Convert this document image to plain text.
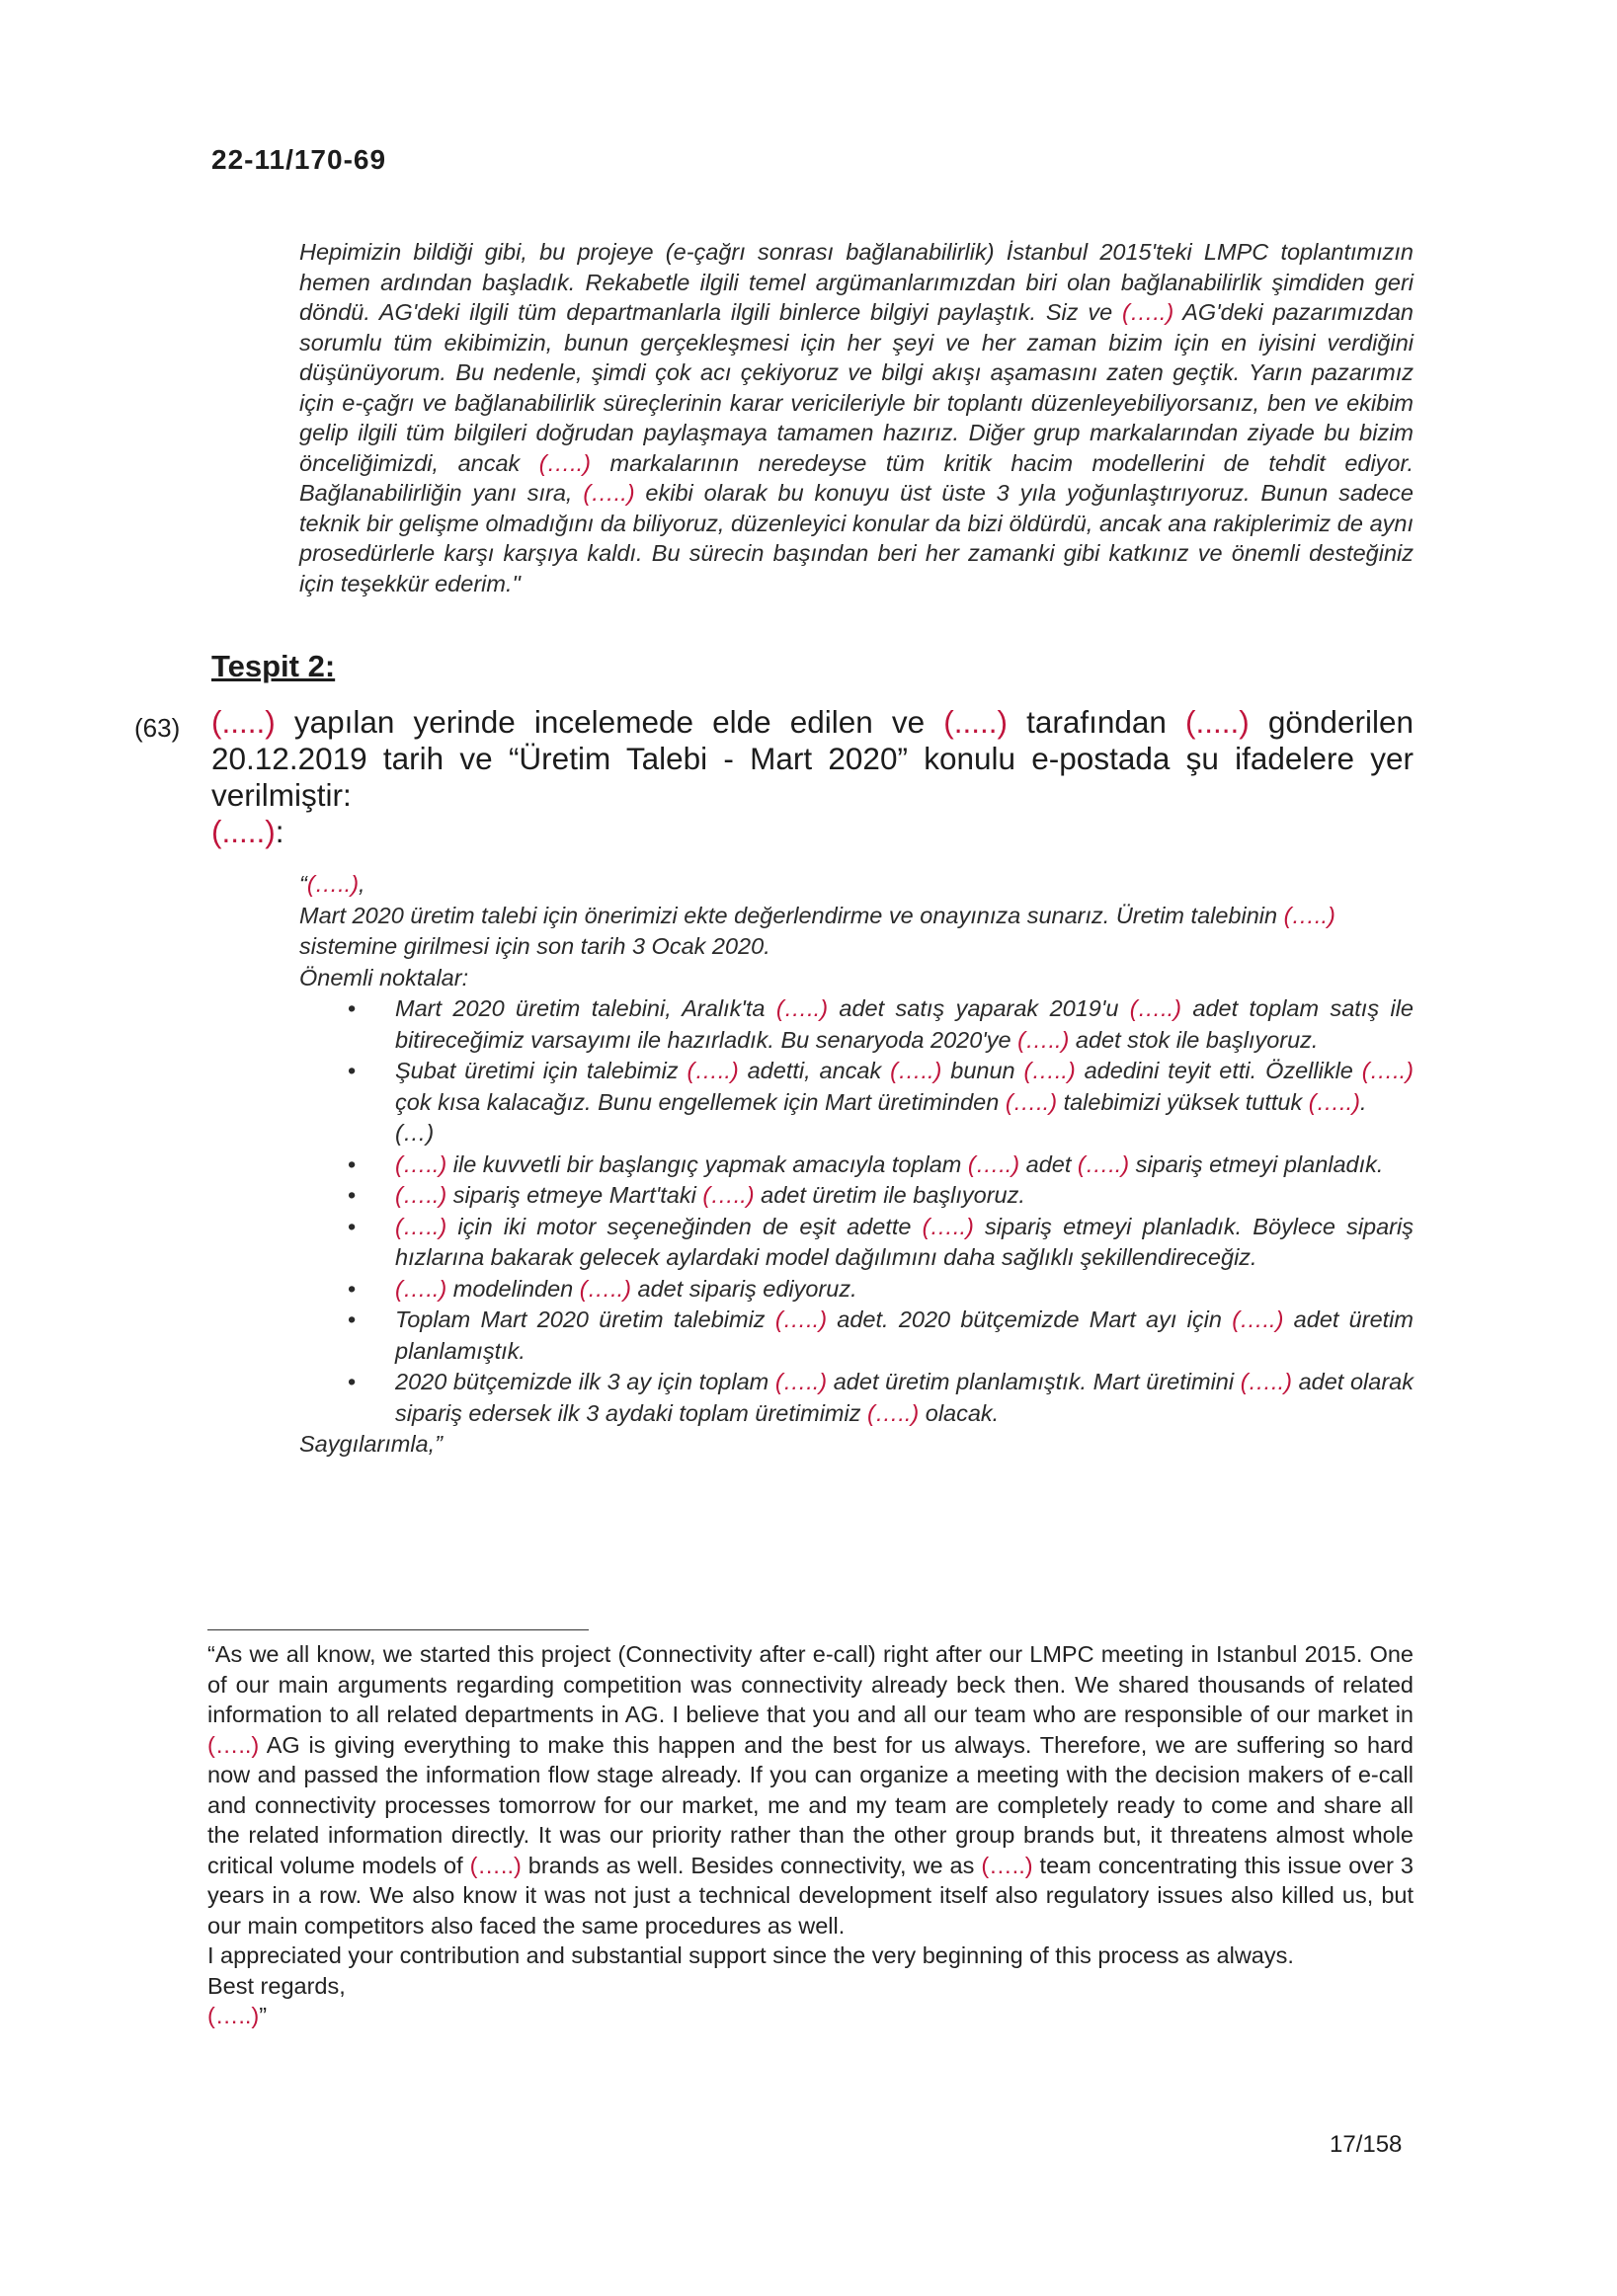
22-11/170-69
Hepimizin bildiği gibi, bu projeye (e-çağrı sonrası bağlanabilirlik) İstanbul 2015'teki LMPC toplantımızın hemen ardından başladık. Rekabetle ilgili temel argümanlarımızdan biri olan bağlanabilirlik şimdiden geri döndü. AG'deki ilgili tüm departmanlarla ilgili binlerce bilgiyi paylaştık. Siz ve (…..) AG'deki pazarımızdan sorumlu tüm ekibimizin, bunun gerçekleşmesi için her şeyi ve her zaman bizim için en iyisini verdiğini düşünüyorum. Bu nedenle, şimdi çok acı çekiyoruz ve bilgi akışı aşamasını zaten geçtik. Yarın pazarımız için e-çağrı ve bağlanabilirlik süreçlerinin karar vericileriyle bir toplantı düzenleyebiliyorsanız, ben ve ekibim gelip ilgili tüm bilgileri doğrudan paylaşmaya tamamen hazırız. Diğer grup markalarından ziyade bu bizim önceliğimizdi, ancak (…..) markalarının neredeyse tüm kritik hacim modellerini de tehdit ediyor. Bağlanabilirliğin yanı sıra, (…..) ekibi olarak bu konuyu üst üste 3 yıla yoğunlaştırıyoruz. Bunun sadece teknik bir gelişme olmadığını da biliyoruz, düzenleyici konular da bizi öldürdü, ancak ana rakiplerimiz de aynı prosedürlerle karşı karşıya kaldı. Bu sürecin başından beri her zamanki gibi katkınız ve önemli desteğiniz için teşekkür ederim."
Tespit 2:
(63) (.....) yapılan yerinde incelemede elde edilen ve (.....) tarafından (.....) gönderilen 20.12.2019 tarih ve “Üretim Talebi - Mart 2020” konulu e-postada şu ifadelere yer verilmiştir:
(.....):

“(…..),

Mart 2020 üretim talebi için önerimizi ekte değerlendirme ve onayınıza sunarız. Üretim talebinin (…..) sistemine girilmesi için son tarih 3 Ocak 2020.

Önemli noktalar:

• Mart 2020 üretim talebini, Aralık'ta (…..) adet satış yaparak 2019'u (…..) adet toplam satış ile bitireceğimiz varsayımı ile hazırladık. Bu senaryoda 2020'ye (…..) adet stok ile başlıyoruz.
• Şubat üretimi için talebimiz (…..) adetti, ancak (…..) bunun (…..) adedini teyit etti. Özellikle (…..) çok kısa kalacağız. Bunu engellemek için Mart üretiminden (…..) talebimizi yüksek tuttuk (…..).
(…)
• (…..) ile kuvvetli bir başlangıç yapmak amacıyla toplam (…..) adet (…..) sipariş etmeyi planladık.
• (…..) sipariş etmeye Mart'taki (…..) adet üretim ile başlıyoruz.
• (…..) için iki motor seçeneğinden de eşit adette (…..) sipariş etmeyi planladık. Böylece sipariş hızlarına bakarak gelecek aylardaki model dağılımını daha sağlıklı şekillendireceğiz.
• (…..) modelinden (…..) adet sipariş ediyoruz.
• Toplam Mart 2020 üretim talebimiz (…..) adet. 2020 bütçemizde Mart ayı için (…..) adet üretim planlamıştık.
• 2020 bütçemizde ilk 3 ay için toplam (…..) adet üretim planlamıştık. Mart üretimini (…..) adet olarak sipariş edersek ilk 3 aydaki toplam üretimimiz (…..) olacak.

Saygılarımla,”

“As we all know, we started this project (Connectivity after e-call) right after our LMPC meeting in Istanbul 2015. One of our main arguments regarding competition was connectivity already beck then. We shared thousands of related information to all related departments in AG. I believe that you and all our team who are responsible of our market in (…..) AG is giving everything to make this happen and the best for us always. Therefore, we are suffering so hard now and passed the information flow stage already. If you can organize a meeting with the decision makers of e-call and connectivity processes tomorrow for our market, me and my team are completely ready to come and share all the related information directly. It was our priority rather than the other group brands but, it threatens almost whole critical volume models of (…..) brands as well. Besides connectivity, we as (…..) team concentrating this issue over 3 years in a row. We also know it was not just a technical development itself also regulatory issues also killed us, but our main competitors also faced the same procedures as well.

I appreciated your contribution and substantial support since the very beginning of this process as always.

Best regards,

(…..)”

17/158
